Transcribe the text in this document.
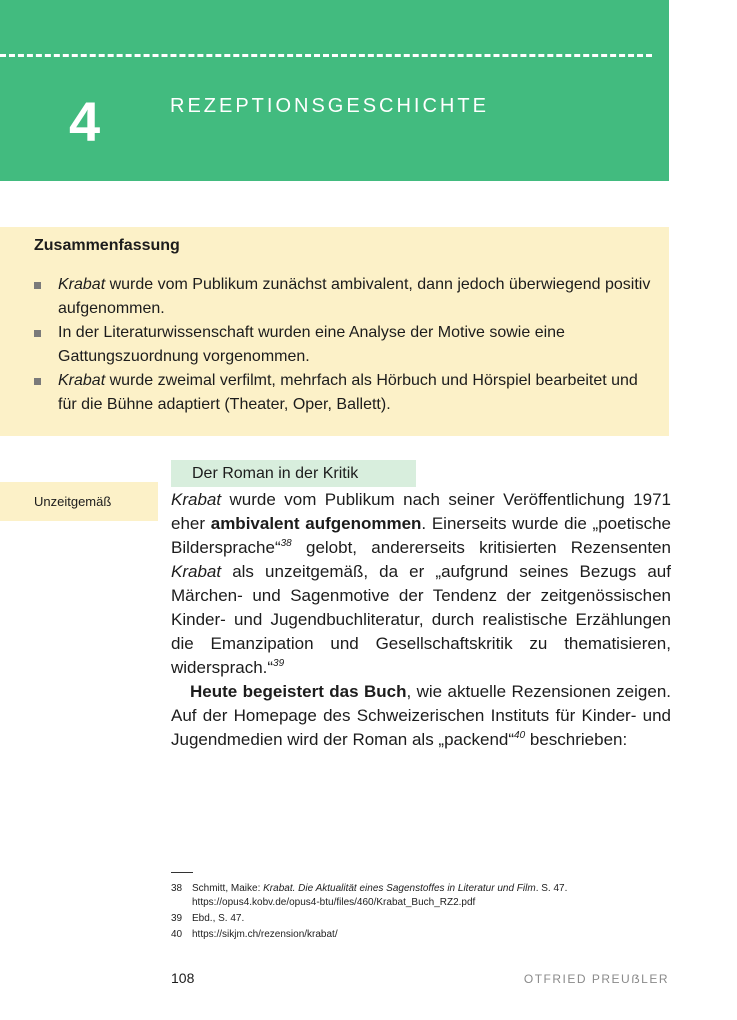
4	REZEPTIONSGESCHICHTE
Zusammenfassung
Krabat wurde vom Publikum zunächst ambivalent, dann jedoch überwiegend positiv aufgenommen.
In der Literaturwissenschaft wurden eine Analyse der Motive sowie eine Gattungszuordnung vorgenommen.
Krabat wurde zweimal verfilmt, mehrfach als Hörbuch und Hörspiel bearbeitet und für die Bühne adaptiert (Theater, Oper, Ballett).
Der Roman in der Kritik
Unzeitgemäß	Krabat wurde vom Publikum nach seiner Veröffentlichung 1971 eher ambivalent aufgenommen. Einerseits wurde die „poetische Bildersprache“$^{38}$ gelobt, andererseits kritisierten Rezensenten Krabat als unzeitgemäß, da er „aufgrund seines Bezugs auf Märchen- und Sagenmotive der Tendenz der zeitgenössischen Kinder- und Jugendbuchliteratur, durch realistische Erzählungen die Emanzipation und Gesellschaftskritik zu thematisieren, widersprach.“$^{39}$

Heute begeistert das Buch, wie aktuelle Rezensionen zeigen. Auf der Homepage des Schweizerischen Instituts für Kinder- und Jugendmedien wird der Roman als „packend“$^{40}$ beschrieben:

38 Schmitt, Maike: Krabat. Die Aktualität eines Sagenstoffes in Literatur und Film. S. 47.
https://opus4.kobv.de/opus4-btu/files/460/Krabat_Buch_RZ2.pdf
39 Ebd., S. 47.
40 https://sikjm.ch/rezension/krabat/
108	OTFRIED PREUẞLER
